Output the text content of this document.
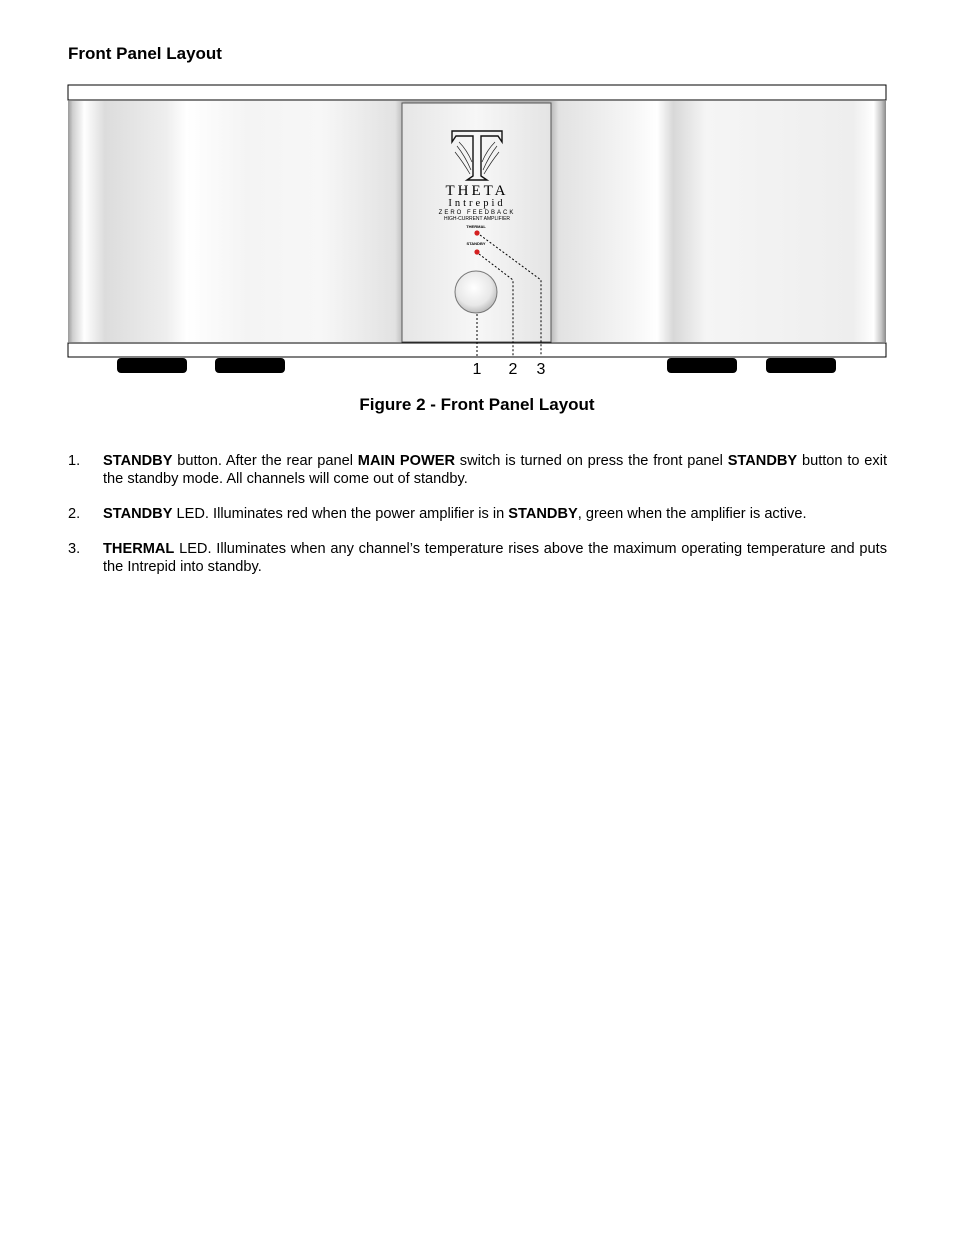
Front Panel Layout
THETA
Intrepid
ZERO FEEDBACK
HIGH-CURRENT AMPLIFIER
THERMAL
STANDBY
1 2 3
Figure 2 - Front Panel Layout
1.	STANDBY button. After the rear panel MAIN POWER switch is turned on press the front panel STANDBY button to exit the standby mode. All channels will come out of standby.
2.	STANDBY LED. Illuminates red when the power amplifier is in STANDBY, green when the amplifier is active.
3.	THERMAL LED. Illuminates when any channel’s temperature rises above the maximum operating temperature and puts the Intrepid into standby.
